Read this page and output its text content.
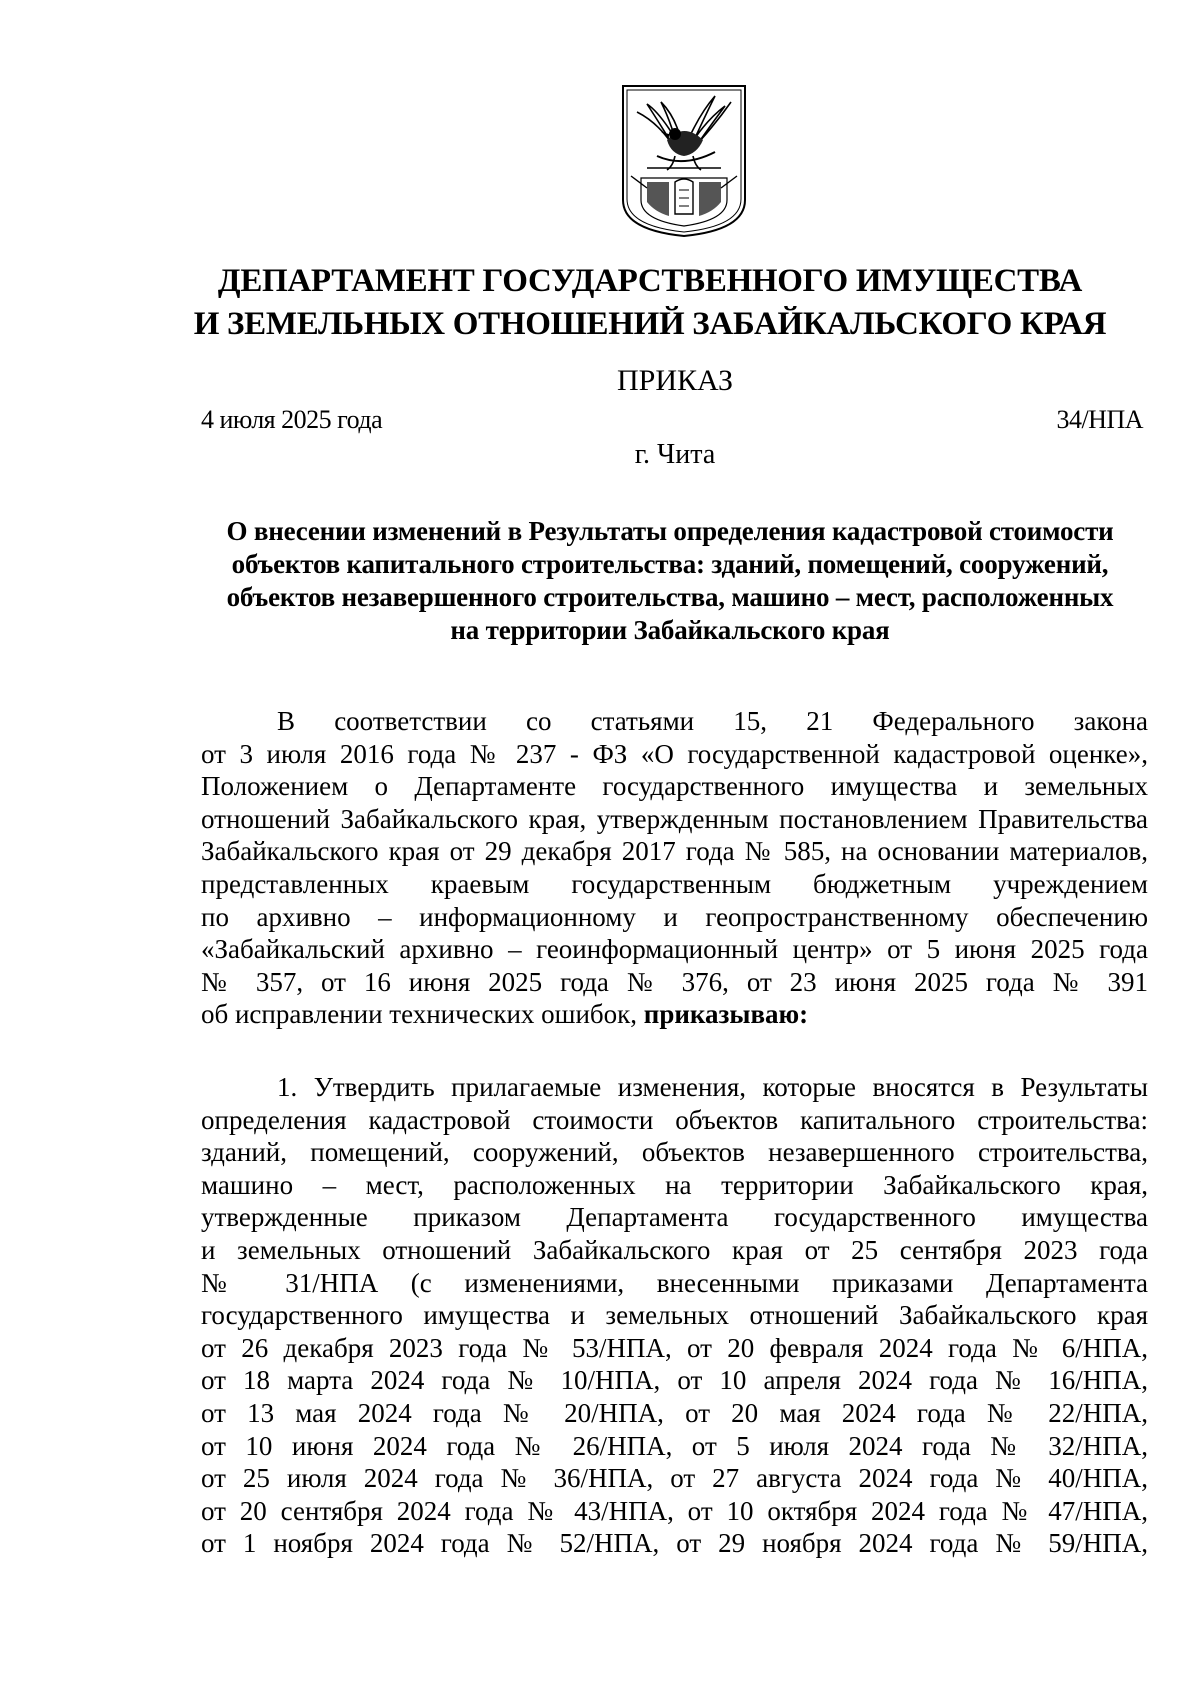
ДЕПАРТАМЕНТ ГОСУДАРСТВЕННОГО ИМУЩЕСТВА
И ЗЕМЕЛЬНЫХ ОТНОШЕНИЙ ЗАБАЙКАЛЬСКОГО КРАЯ
ПРИКАЗ
4 июля 2025 года	34/НПА
г. Чита
О внесении изменений в Результаты определения кадастровой стоимости
объектов капитального строительства: зданий, помещений, сооружений,
объектов незавершенного строительства, машино – мест, расположенных
на территории Забайкальского края
В соответствии со статьями 15, 21 Федерального закона
от 3 июля 2016 года № 237 - ФЗ «О государственной кадастровой оценке»,
Положением о Департаменте государственного имущества и земельных
отношений Забайкальского края, утвержденным постановлением Правительства
Забайкальского края от 29 декабря 2017 года № 585, на основании материалов,
представленных краевым государственным бюджетным учреждением
по архивно – информационному и геопространственному обеспечению
«Забайкальский архивно – геоинформационный центр» от 5 июня 2025 года
№ 357, от 16 июня 2025 года № 376, от 23 июня 2025 года № 391
об исправлении технических ошибок, приказываю:
1. Утвердить прилагаемые изменения, которые вносятся в Результаты
определения кадастровой стоимости объектов капитального строительства:
зданий, помещений, сооружений, объектов незавершенного строительства,
машино – мест, расположенных на территории Забайкальского края,
утвержденные приказом Департамента государственного имущества
и земельных отношений Забайкальского края от 25 сентября 2023 года
№ 31/НПА (с изменениями, внесенными приказами Департамента
государственного имущества и земельных отношений Забайкальского края
от 26 декабря 2023 года № 53/НПА, от 20 февраля 2024 года № 6/НПА,
от 18 марта 2024 года № 10/НПА, от 10 апреля 2024 года № 16/НПА,
от 13 мая 2024 года № 20/НПА, от 20 мая 2024 года № 22/НПА,
от 10 июня 2024 года № 26/НПА, от 5 июля 2024 года № 32/НПА,
от 25 июля 2024 года № 36/НПА, от 27 августа 2024 года № 40/НПА,
от 20 сентября 2024 года № 43/НПА, от 10 октября 2024 года № 47/НПА,
от 1 ноября 2024 года № 52/НПА, от 29 ноября 2024 года № 59/НПА,
